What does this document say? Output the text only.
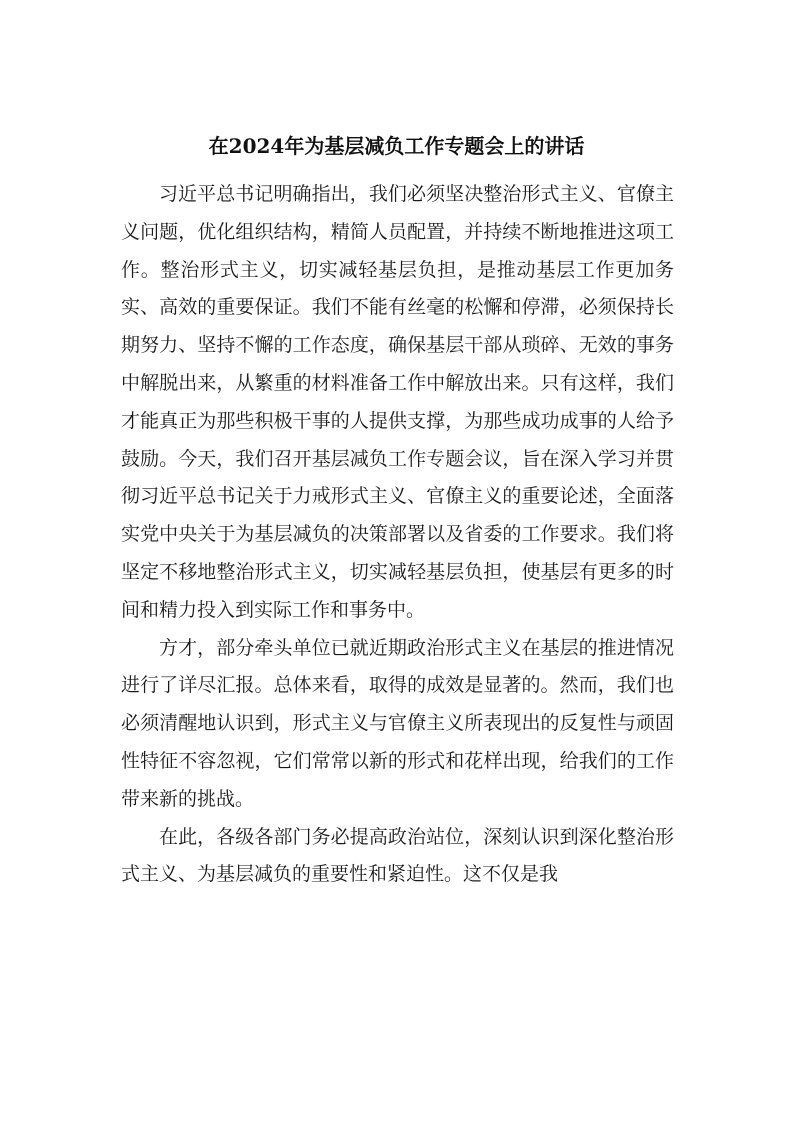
在2024年为基层减负工作专题会上的讲话

习近平总书记明确指出，我们必须坚决整治形式主义、官僚主义问题，优化组织结构，精简人员配置，并持续不断地推进这项工作。整治形式主义，切实减轻基层负担，是推动基层工作更加务实、高效的重要保证。我们不能有丝毫的松懈和停滞，必须保持长期努力、坚持不懈的工作态度，确保基层干部从琐碎、无效的事务中解脱出来，从繁重的材料准备工作中解放出来。只有这样，我们才能真正为那些积极干事的人提供支撑，为那些成功成事的人给予鼓励。今天，我们召开基层减负工作专题会议，旨在深入学习并贯彻习近平总书记关于力戒形式主义、官僚主义的重要论述，全面落实党中央关于为基层减负的决策部署以及省委的工作要求。我们将坚定不移地整治形式主义，切实减轻基层负担，使基层有更多的时间和精力投入到实际工作和事务中。

方才，部分牵头单位已就近期政治形式主义在基层的推进情况进行了详尽汇报。总体来看，取得的成效是显著的。然而，我们也必须清醒地认识到，形式主义与官僚主义所表现出的反复性与顽固性特征不容忽视，它们常常以新的形式和花样出现，给我们的工作带来新的挑战。

在此，各级各部门务必提高政治站位，深刻认识到深化整治形式主义、为基层减负的重要性和紧迫性。这不仅是我
